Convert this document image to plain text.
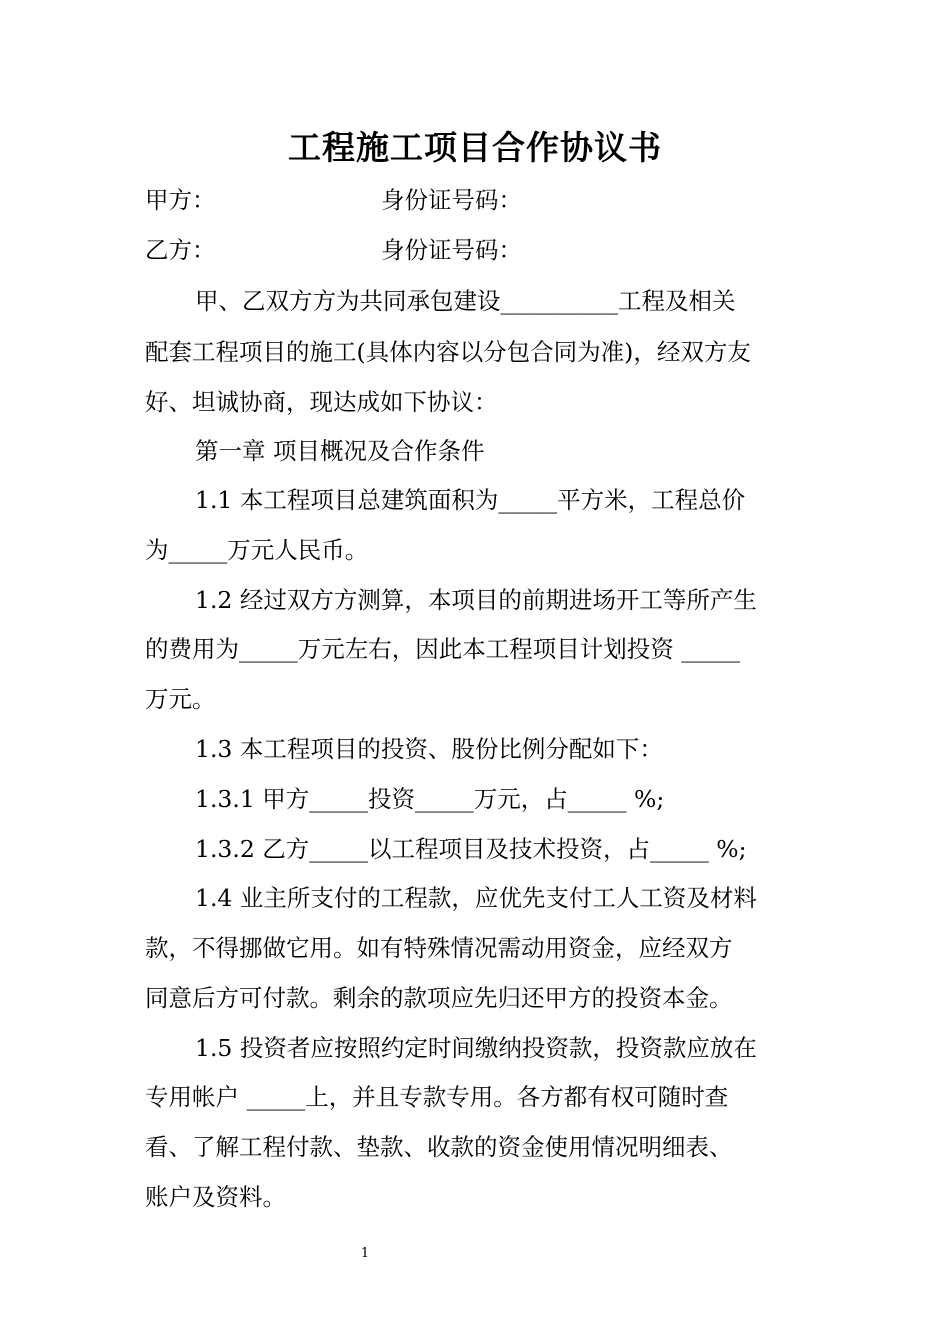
工程施工项目合作协议书
甲方：	身份证号码：
乙方：	身份证号码：
甲、乙双方方为共同承包建设__________工程及相关
配套工程项目的施工(具体内容以分包合同为准)，经双方友
好、坦诚协商，现达成如下协议：
第一章 项目概况及合作条件
1.1 本工程项目总建筑面积为_____平方米，工程总价
为_____万元人民币。
1.2 经过双方方测算，本项目的前期进场开工等所产生
的费用为_____万元左右，因此本工程项目计划投资 _____
万元。
1.3 本工程项目的投资、股份比例分配如下：
1.3.1 甲方_____投资_____万元，占_____ %;
1.3.2 乙方_____以工程项目及技术投资，占_____ %;
1.4 业主所支付的工程款，应优先支付工人工资及材料
款，不得挪做它用。如有特殊情况需动用资金，应经双方
同意后方可付款。剩余的款项应先归还甲方的投资本金。
1.5 投资者应按照约定时间缴纳投资款，投资款应放在
专用帐户 _____上，并且专款专用。各方都有权可随时查
看、了解工程付款、垫款、收款的资金使用情况明细表、
账户及资料。
1
